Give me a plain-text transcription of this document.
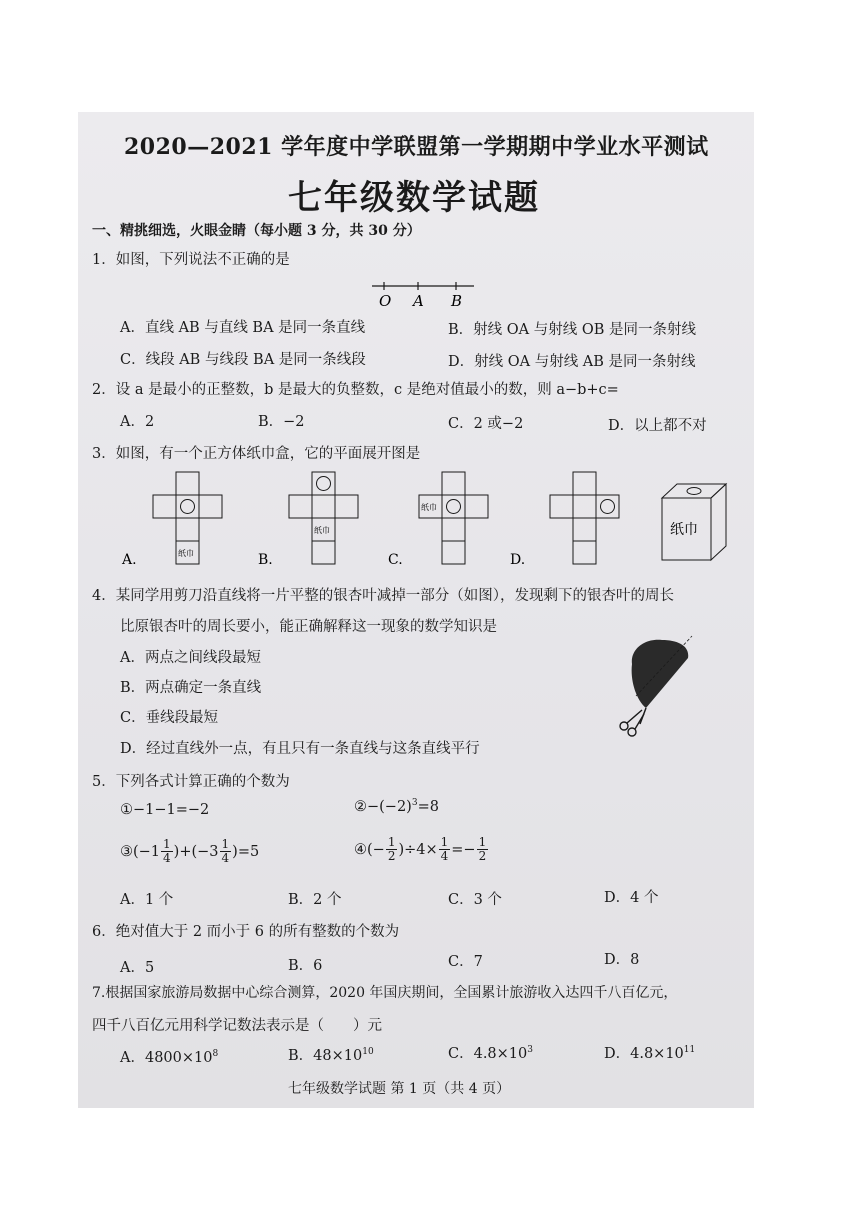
2020—2021 学年度中学联盟第一学期期中学业水平测试
七年级数学试题
一、精挑细选，火眼金睛（每小题 3 分，共 30 分）
1．如图，下列说法不正确的是
O A B
A．直线 AB 与直线 BA 是同一条直线	B．射线 OA 与射线 OB 是同一条射线
C．线段 AB 与线段 BA 是同一条线段	D．射线 OA 与射线 AB 是同一条射线
2．设 a 是最小的正整数，b 是最大的负整数，c 是绝对值最小的数，则 a−b+c=
A．2	B．−2	C．2 或−2	D．以上都不对
3．如图，有一个正方体纸巾盒，它的平面展开图是
纸巾
A.
纸巾
B.
纸巾
C.	D.
纸巾
4．某同学用剪刀沿直线将一片平整的银杏叶减掉一部分（如图），发现剩下的银杏叶的周长
比原银杏叶的周长要小，能正确解释这一现象的数学知识是
A．两点之间线段最短
B．两点确定一条直线
C．垂线段最短
D．经过直线外一点，有且只有一条直线与这条直线平行
5．下列各式计算正确的个数为
①−1−1=−2	$②-(-2)^3=8$
③(−1 $\frac{1}{4} )+(-3 \frac{1}{4} )=5$	④(− $\frac{1}{2} )\div 4\times \frac{1}{4} =- \frac{1}{2}$
A．1 个	B．2 个	C．3 个	D．4 个
6．绝对值大于 2 而小于 6 的所有整数的个数为
A．5	B．6	C．7	D．8
7.根据国家旅游局数据中心综合测算，2020 年国庆期间，全国累计旅游收入达四千八百亿元，
四千八百亿元用科学记数法表示是（　　）元
A．$4800\times 10^8$	B．$48\times 10^{10}$	C．$4.8\times 10^3$	D．$4.8\times 10^{11}$
七年级数学试题 第 1 页（共 4 页）
